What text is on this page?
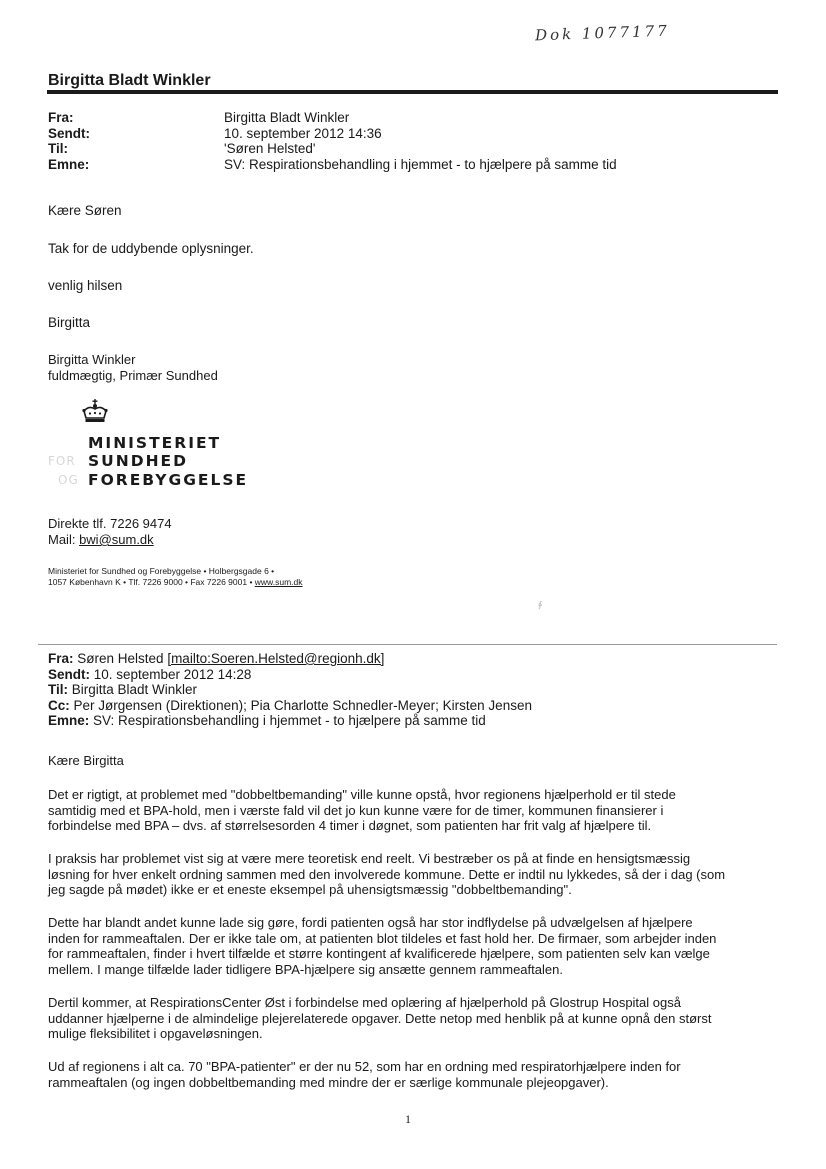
Dok 1077177
Birgitta Bladt Winkler
Fra:	Birgitta Bladt Winkler
Sendt:	10. september 2012 14:36
Til:	'Søren Helsted'
Emne:	SV: Respirationsbehandling i hjemmet - to hjælpere på samme tid
Kære Søren
Tak for de uddybende oplysninger.
venlig hilsen
Birgitta
Birgitta Winkler
fuldmægtig, Primær Sundhed
MINISTERIET
FOR SUNDHED
OG FOREBYGGELSE
Direkte tlf. 7226 9474
Mail: bwi@sum.dk
Ministeriet for Sundhed og Forebyggelse • Holbergsgade 6 •
1057 København K • Tlf. 7226 9000 • Fax 7226 9001 • www.sum.dk
∮
Fra: Søren Helsted [mailto:Soeren.Helsted@regionh.dk]
Sendt: 10. september 2012 14:28
Til: Birgitta Bladt Winkler
Cc: Per Jørgensen (Direktionen); Pia Charlotte Schnedler-Meyer; Kirsten Jensen
Emne: SV: Respirationsbehandling i hjemmet - to hjælpere på samme tid
Kære Birgitta
Det er rigtigt, at problemet med "dobbeltbemanding" ville kunne opstå, hvor regionens hjælperhold er til stede
samtidig med et BPA-hold, men i værste fald vil det jo kun kunne være for de timer, kommunen finansierer i
forbindelse med BPA – dvs. af størrelsesorden 4 timer i døgnet, som patienten har frit valg af hjælpere til.
I praksis har problemet vist sig at være mere teoretisk end reelt. Vi bestræber os på at finde en hensigtsmæssig
løsning for hver enkelt ordning sammen med den involverede kommune. Dette er indtil nu lykkedes, så der i dag (som
jeg sagde på mødet) ikke er et eneste eksempel på uhensigtsmæssig "dobbeltbemanding".
Dette har blandt andet kunne lade sig gøre, fordi patienten også har stor indflydelse på udvælgelsen af hjælpere
inden for rammeaftalen. Der er ikke tale om, at patienten blot tildeles et fast hold her. De firmaer, som arbejder inden
for rammeaftalen, finder i hvert tilfælde et større kontingent af kvalificerede hjælpere, som patienten selv kan vælge
mellem. I mange tilfælde lader tidligere BPA-hjælpere sig ansætte gennem rammeaftalen.
Dertil kommer, at RespirationsCenter Øst i forbindelse med oplæring af hjælperhold på Glostrup Hospital også
uddanner hjælperne i de almindelige plejerelaterede opgaver. Dette netop med henblik på at kunne opnå den størst
mulige fleksibilitet i opgaveløsningen.
Ud af regionens i alt ca. 70 "BPA-patienter" er der nu 52, som har en ordning med respiratorhjælpere inden for
rammeaftalen (og ingen dobbeltbemanding med mindre der er særlige kommunale plejeopgaver).
1
